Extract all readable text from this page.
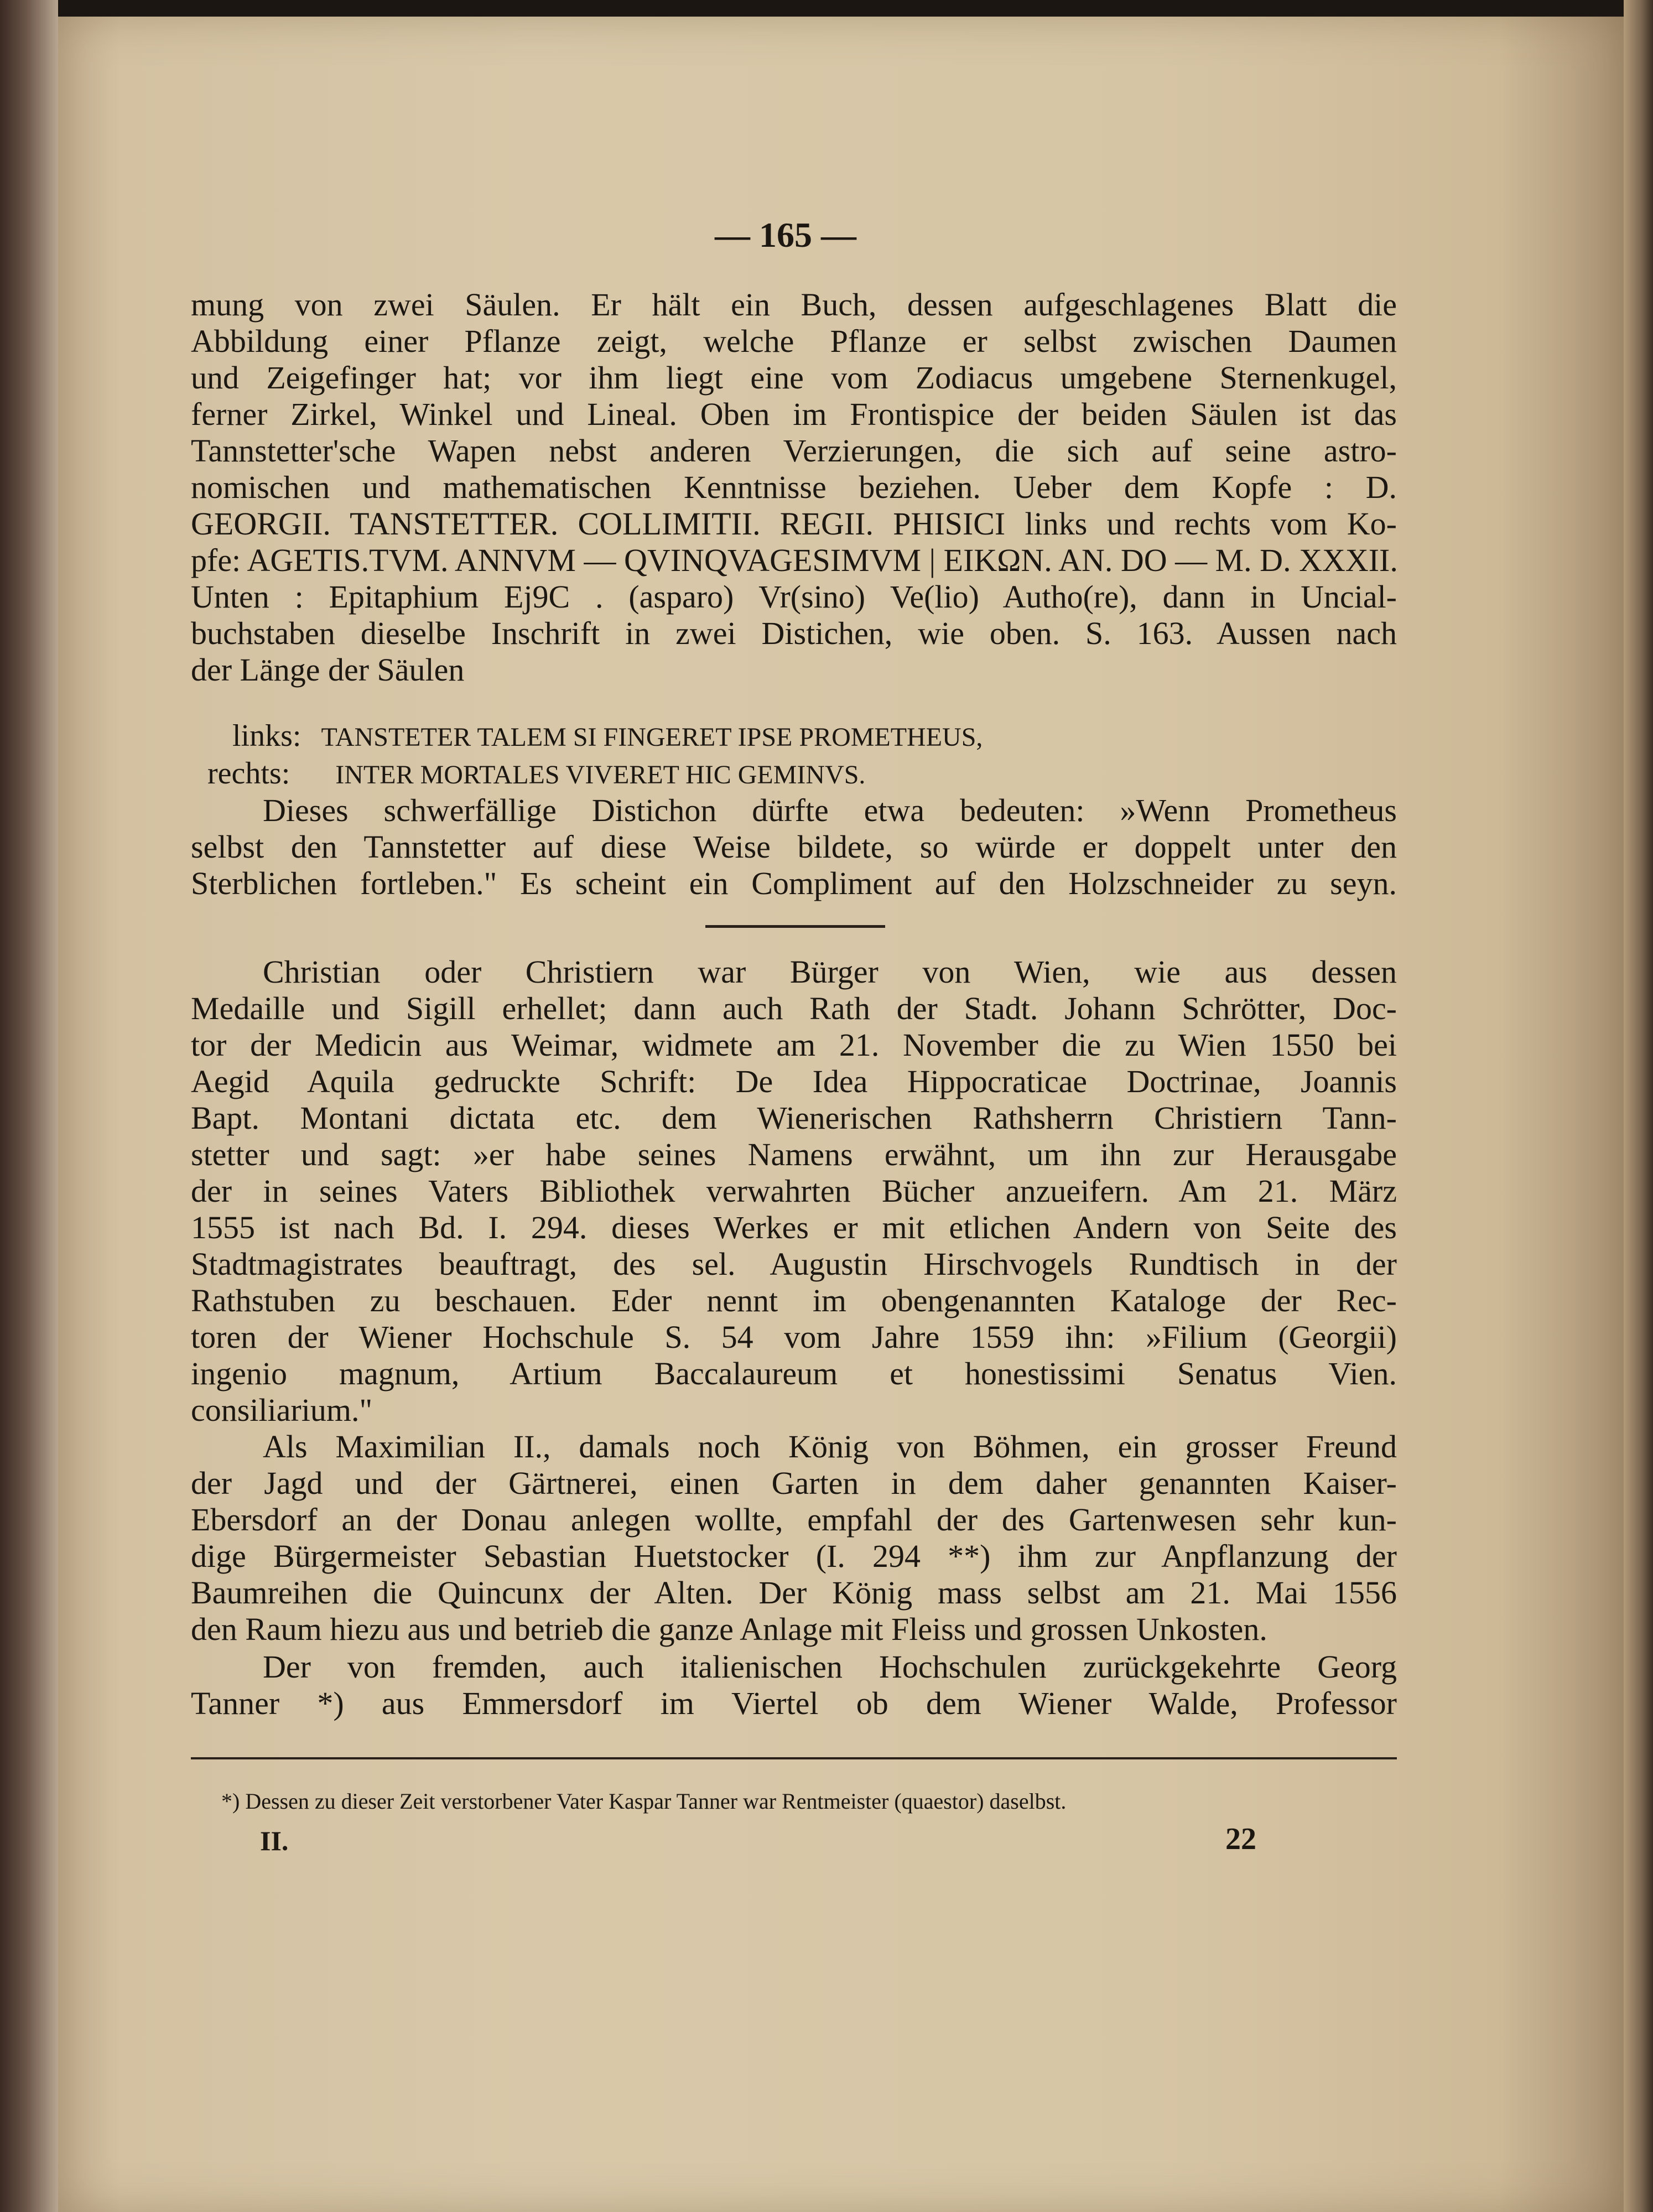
— 165 —
mung von zwei Säulen. Er hält ein Buch, dessen aufgeschlagenes Blatt die
Abbildung einer Pflanze zeigt, welche Pflanze er selbst zwischen Daumen
und Zeigefinger hat; vor ihm liegt eine vom Zodiacus umgebene Sternenkugel,
ferner Zirkel, Winkel und Lineal. Oben im Frontispice der beiden Säulen ist das
Tannstetter'sche Wapen nebst anderen Verzierungen, die sich auf seine astro-
nomischen und mathematischen Kenntnisse beziehen. Ueber dem Kopfe : D.
GEORGII. TANSTETTER. COLLIMITII. REGII. PHISICI links und rechts vom Ko-
pfe: AGETIS.TVM. ANNVM — QVINQVAGESIMVM | EIKΩN. AN. DO — M. D. XXXII.
Unten : Epitaphium Ej9C . (asparo) Vr(sino) Ve(lio) Autho(re), dann in Uncial-
buchstaben dieselbe Inschrift in zwei Distichen, wie oben. S. 163. Aussen nach
der Länge der Säulen
links: TANSTETER TALEM SI FINGERET IPSE PROMETHEUS,
rechts: INTER MORTALES VIVERET HIC GEMINVS.
Dieses schwerfällige Distichon dürfte etwa bedeuten: »Wenn Prometheus
selbst den Tannstetter auf diese Weise bildete, so würde er doppelt unter den
Sterblichen fortleben." Es scheint ein Compliment auf den Holzschneider zu seyn.
Christian oder Christiern war Bürger von Wien, wie aus dessen
Medaille und Sigill erhellet; dann auch Rath der Stadt. Johann Schrötter, Doc-
tor der Medicin aus Weimar, widmete am 21. November die zu Wien 1550 bei
Aegid Aquila gedruckte Schrift: De Idea Hippocraticae Doctrinae, Joannis
Bapt. Montani dictata etc. dem Wienerischen Rathsherrn Christiern Tann-
stetter und sagt: »er habe seines Namens erwähnt, um ihn zur Herausgabe
der in seines Vaters Bibliothek verwahrten Bücher anzueifern. Am 21. März
1555 ist nach Bd. I. 294. dieses Werkes er mit etlichen Andern von Seite des
Stadtmagistrates beauftragt, des sel. Augustin Hirschvogels Rundtisch in der
Rathstuben zu beschauen. Eder nennt im obengenannten Kataloge der Rec-
toren der Wiener Hochschule S. 54 vom Jahre 1559 ihn: »Filium (Georgii)
ingenio magnum, Artium Baccalaureum et honestissimi Senatus Vien.
consiliarium."
Als Maximilian II., damals noch König von Böhmen, ein grosser Freund
der Jagd und der Gärtnerei, einen Garten in dem daher genannten Kaiser-
Ebersdorf an der Donau anlegen wollte, empfahl der des Gartenwesen sehr kun-
dige Bürgermeister Sebastian Huetstocker (I. 294 **) ihm zur Anpflanzung der
Baumreihen die Quincunx der Alten. Der König mass selbst am 21. Mai 1556
den Raum hiezu aus und betrieb die ganze Anlage mit Fleiss und grossen Unkosten.
Der von fremden, auch italienischen Hochschulen zurückgekehrte Georg
Tanner *) aus Emmersdorf im Viertel ob dem Wiener Walde, Professor
*) Dessen zu dieser Zeit verstorbener Vater Kaspar Tanner war Rentmeister (quaestor) daselbst.
II.	22
